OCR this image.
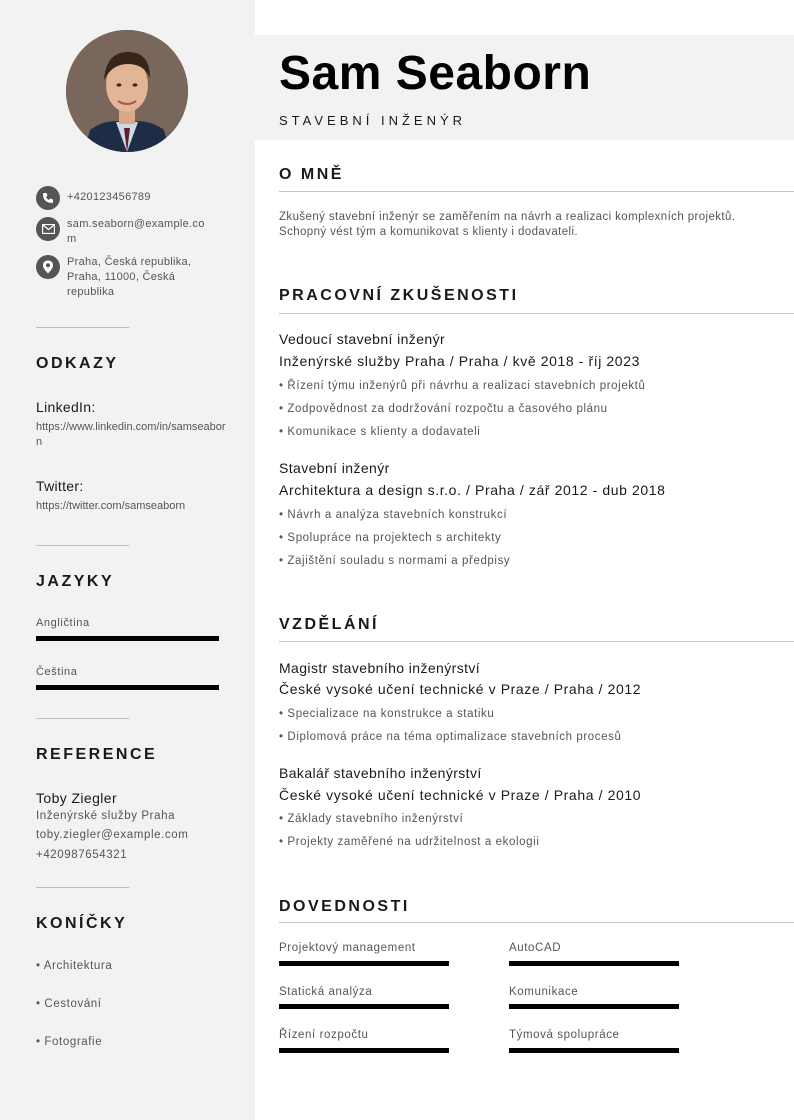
+420123456789
sam.seaborn@example.com
Praha, Česká republika, Praha, 11000, Česká republika
ODKAZY
LinkedIn:
https://www.linkedin.com/in/samseaborn
Twitter:
https://twitter.com/samseaborn
JAZYKY
Angličtina
Čeština
REFERENCE
Toby Ziegler
Inženýrské služby Praha
toby.ziegler@example.com
+420987654321
KONÍČKY
• Architektura
• Cestování
• Fotografie
Sam Seaborn
STAVEBNÍ INŽENÝR
O MNĚ
Zkušený stavební inženýr se zaměřením na návrh a realizaci komplexních projektů. Schopný vést tým a komunikovat s klienty i dodavateli.
PRACOVNÍ ZKUŠENOSTI
Vedoucí stavební inženýr
Inženýrské služby Praha / Praha / kvě 2018 - říj 2023
• Řízení týmu inženýrů při návrhu a realizaci stavebních projektů
• Zodpovědnost za dodržování rozpočtu a časového plánu
• Komunikace s klienty a dodavateli
Stavební inženýr
Architektura a design s.r.o. / Praha / zář 2012 - dub 2018
• Návrh a analýza stavebních konstrukcí
• Spolupráce na projektech s architekty
• Zajištění souladu s normami a předpisy
VZDĚLÁNÍ
Magistr stavebního inženýrství
České vysoké učení technické v Praze / Praha / 2012
• Specializace na konstrukce a statiku
• Diplomová práce na téma optimalizace stavebních procesů
Bakalář stavebního inženýrství
České vysoké učení technické v Praze / Praha / 2010
• Základy stavebního inženýrství
• Projekty zaměřené na udržitelnost a ekologii
DOVEDNOSTI
Projektový management	AutoCAD
Statická analýza	Komunikace
Řízení rozpočtu	Týmová spolupráce
